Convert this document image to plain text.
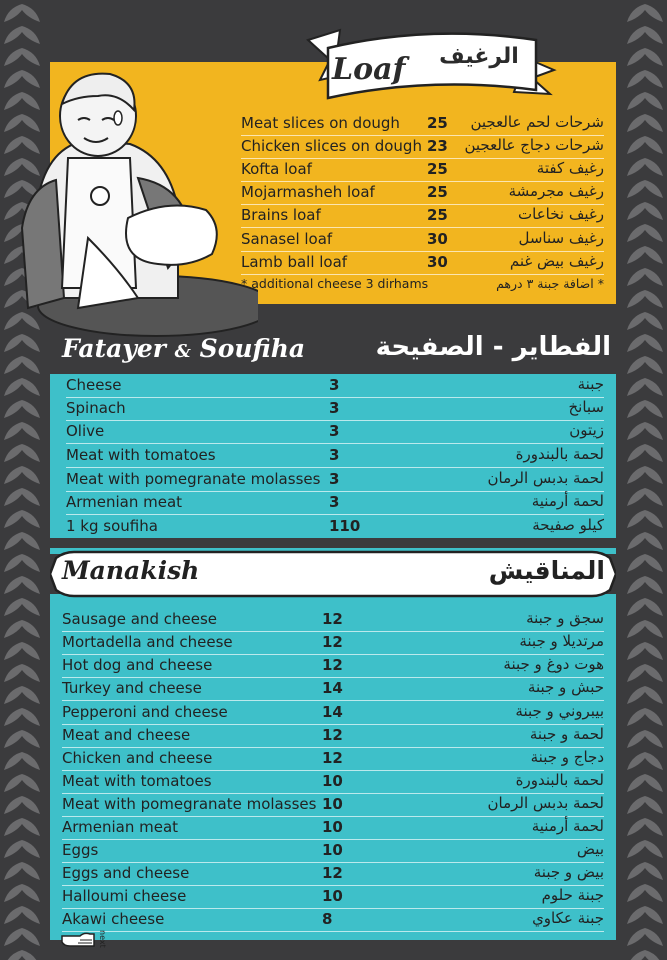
Loaf	الرغيف
Meat slices on dough 25 شرحات لحم عالعجين
Chicken slices on dough 23 شرحات دجاج عالعجين
Kofta loaf	25	رغيف كفتة
Mojarmasheh loaf	25	رغيف مجرمشة
Brains loaf	25	رغيف نخاعات
Sanasel loaf	30	رغيف سناسل
Lamb ball loaf	30	رغيف بيض غنم
* additional cheese 3 dirhams	* اضافة جبنة ٣ درهم
Fatayer & Soufiha	الفطاير - الصفيحة
Cheese	3	جبنة
Spinach	3	سبانخ
Olive	3	زيتون
Meat with tomatoes	3	لحمة بالبندورة
Meat with pomegranate molasses 3	لحمة بدبس الرمان
Armenian meat	3	لحمة أرمنية
1 kg soufiha	110	كيلو صفيحة
Manakish	المناقيش
Sausage and cheese	12	سجق و جبنة
Mortadella and cheese	12	مرتديلا و جبنة
Hot dog and cheese	12	هوت دوغ و جبنة
Turkey and cheese	14	حبش و جبنة
Pepperoni and cheese	14	بيبروني و جبنة
Meat and cheese	12	لحمة و جبنة
Chicken and cheese	12	دجاج و جبنة
Meat with tomatoes	10	لحمة بالبندورة
Meat with pomegranate molasses 10	لحمة بدبس الرمان
Armenian meat	10	لحمة أرمنية
Eggs	10	بيض
Eggs and cheese	12	بيض و جبنة
Halloumi cheese	10	جبنة حلوم
Akawi cheese	8	جبنة عكاوي
next
